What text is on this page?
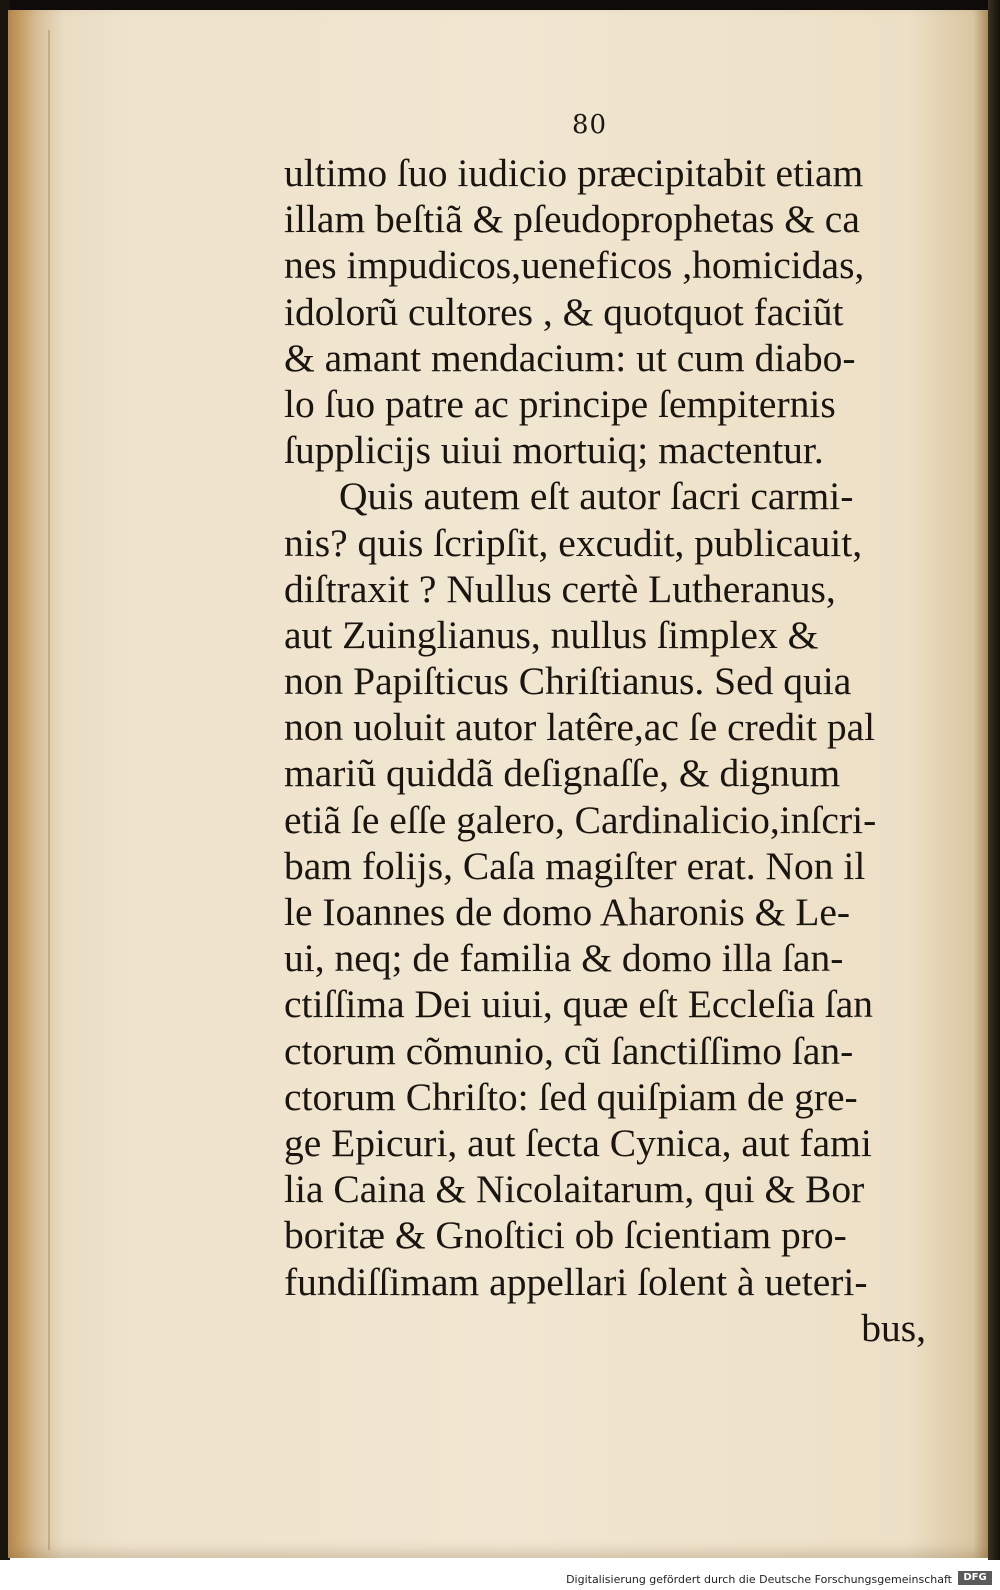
80
ultimo ſuo iudicio præcipitabit etiam
illam beſtiã & pſeudoprophetas & ca
nes impudicos,ueneficos ,homicidas,
idolorũ cultores , & quotquot faciũt
& amant mendacium: ut cum diabo-
lo ſuo patre ac principe ſempiternis
ſupplicijs uiui mortuiq; mactentur.
Quis autem eſt autor ſacri carmi-
nis? quis ſcripſit, excudit, publicauit,
diſtraxit ? Nullus certè Lutheranus,
aut Zuinglianus, nullus ſimplex &
non Papiſticus Chriſtianus. Sed quia
non uoluit autor latêre,ac ſe credit pal
mariũ quiddã deſignaſſe, & dignum
etiã ſe eſſe galero, Cardinalicio,inſcri-
bam folijs, Caſa magiſter erat. Non il
le Ioannes de domo Aharonis & Le-
ui, neq; de familia & domo illa ſan-
ctiſſima Dei uiui, quæ eſt Eccleſia ſan
ctorum cõmunio, cũ ſanctiſſimo ſan-
ctorum Chriſto: ſed quiſpiam de gre-
ge Epicuri, aut ſecta Cynica, aut fami
lia Caina & Nicolaitarum, qui & Bor
boritæ & Gnoſtici ob ſcientiam pro-
fundiſſimam appellari ſolent à ueteri-
bus,
Digitalisierung gefördert durch die Deutsche Forschungsgemeinschaft	DFG
